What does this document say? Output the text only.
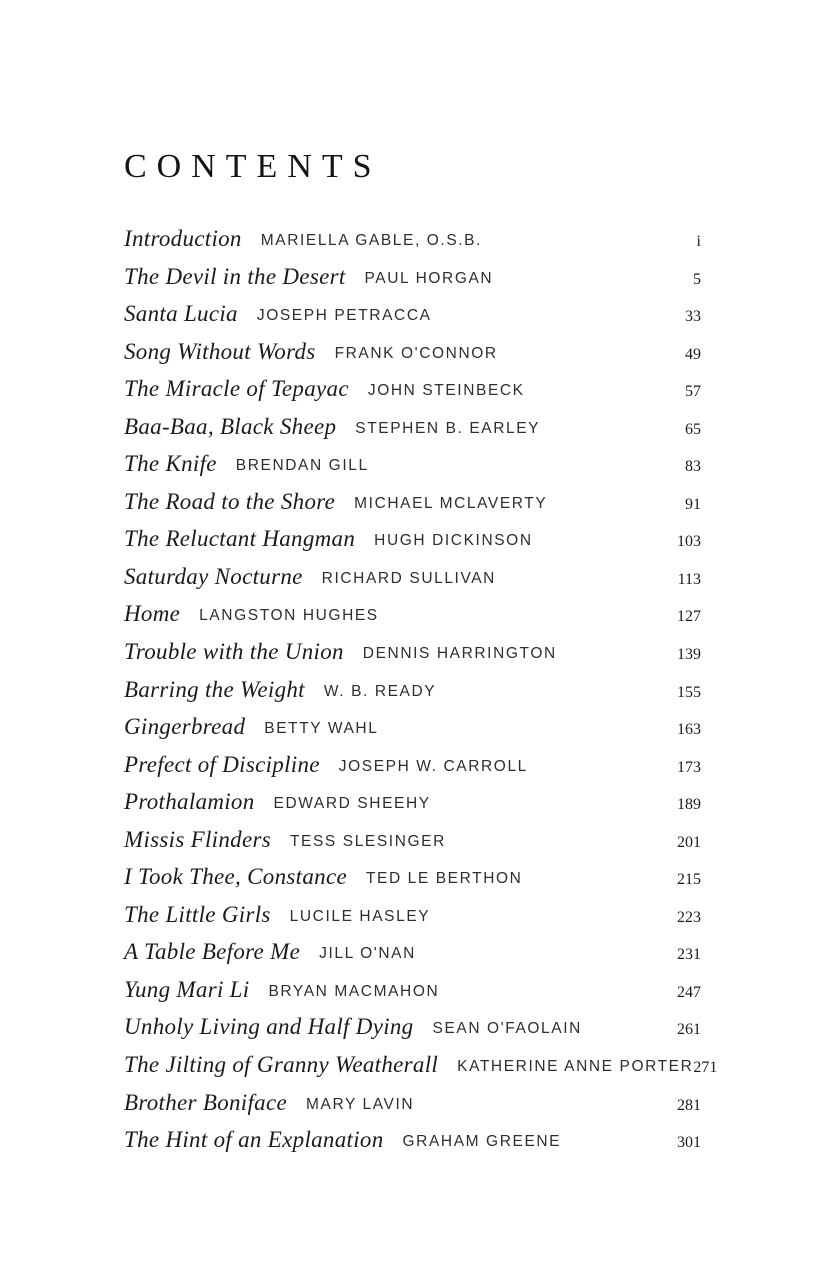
CONTENTS
Introduction MARIELLA GABLE, O.S.B.	i
The Devil in the Desert PAUL HORGAN	5
Santa Lucia JOSEPH PETRACCA	33
Song Without Words FRANK O'CONNOR	49
The Miracle of Tepayac JOHN STEINBECK	57
Baa-Baa, Black Sheep STEPHEN B. EARLEY	65
The Knife BRENDAN GILL	83
The Road to the Shore MICHAEL MCLAVERTY	91
The Reluctant Hangman HUGH DICKINSON	103
Saturday Nocturne RICHARD SULLIVAN	113
Home LANGSTON HUGHES	127
Trouble with the Union DENNIS HARRINGTON	139
Barring the Weight W. B. READY	155
Gingerbread BETTY WAHL	163
Prefect of Discipline JOSEPH W. CARROLL	173
Prothalamion EDWARD SHEEHY	189
Missis Flinders TESS SLESINGER	201
I Took Thee, Constance TED LE BERTHON	215
The Little Girls LUCILE HASLEY	223
A Table Before Me JILL O'NAN	231
Yung Mari Li BRYAN MACMAHON	247
Unholy Living and Half Dying SEAN O'FAOLAIN	261
The Jilting of Granny Weatherall KATHERINE ANNE PORTER 271
Brother Boniface MARY LAVIN	281
The Hint of an Explanation GRAHAM GREENE	301
